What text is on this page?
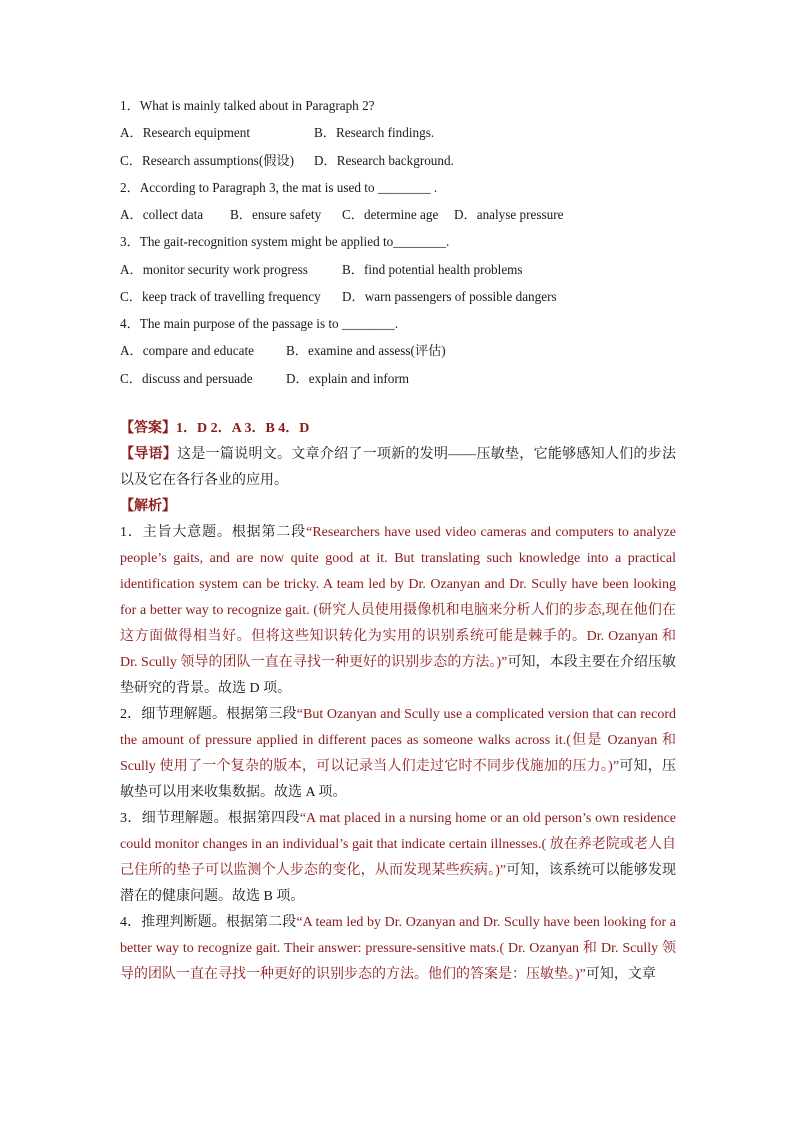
1．What is mainly talked about in Paragraph 2?
A．Research equipment	B．Research findings.
C．Research assumptions(假设) D．Research background.
2．According to Paragraph 3, the mat is used to ________ .
A．collect data B．ensure safety C．determine age D．analyse pressure
3．The gait-recognition system might be applied to________.
A．monitor security work progress	B．find potential health problems
C．keep track of travelling frequency D．warn passengers of possible dangers
4．The main purpose of the passage is to ________.
A．compare and educate B．examine and assess(评估)
C．discuss and persuade	D．explain and inform

【答案】1．D 2．A 3．B 4．D

【导语】这是一篇说明文。文章介绍了一项新的发明——压敏垫，它能够感知人们的步法以及它在各行各业的应用。

【解析】

1．主旨大意题。根据第二段“Researchers have used video cameras and computers to analyze people’s gaits, and are now quite good at it. But translating such knowledge into a practical identification system can be tricky. A team led by Dr. Ozanyan and Dr. Scully have been looking for a better way to recognize gait. (研究人员使用摄像机和电脑来分析人们的步态,现在他们在这方面做得相当好。但将这些知识转化为实用的识别系统可能是棘手的。Dr. Ozanyan 和 Dr. Scully 领导的团队一直在寻找一种更好的识别步态的方法。)”可知，本段主要在介绍压敏垫研究的背景。故选 D 项。

2．细节理解题。根据第三段“But Ozanyan and Scully use a complicated version that can record the amount of pressure applied in different paces as someone walks across it.(但是 Ozanyan 和 Scully 使用了一个复杂的版本，可以记录当人们走过它时不同步伐施加的压力。)”可知，压敏垫可以用来收集数据。故选 A 项。

3．细节理解题。根据第四段“A mat placed in a nursing home or an old person’s own residence could monitor changes in an individual’s gait that indicate certain illnesses.( 放在养老院或老人自己住所的垫子可以监测个人步态的变化，从而发现某些疾病。)”可知，该系统可以能够发现潜在的健康问题。故选 B 项。

4．推理判断题。根据第二段“A team led by Dr. Ozanyan and Dr. Scully have been looking for a better way to recognize gait. Their answer: pressure-sensitive mats.( Dr. Ozanyan 和 Dr. Scully 领导的团队一直在寻找一种更好的识别步态的方法。他们的答案是：压敏垫。)”可知，文章
